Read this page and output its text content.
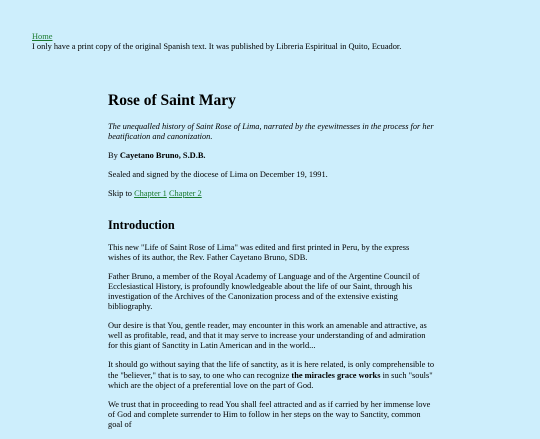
Home

I only have a print copy of the original Spanish text. It was published by Libreria Espiritual in Quito, Ecuador.

Rose of Saint Mary

The unequalled history of Saint Rose of Lima, narrated by the eyewitnesses in the process for her beatification and canonization.

By Cayetano Bruno, S.D.B.

Sealed and signed by the diocese of Lima on December 19, 1991.

Skip to Chapter 1 Chapter 2

Introduction

This new "Life of Saint Rose of Lima" was edited and first printed in Peru, by the express wishes of its author, the Rev. Father Cayetano Bruno, SDB.

Father Bruno, a member of the Royal Academy of Language and of the Argentine Council of Ecclesiastical History, is profoundly knowledgeable about the life of our Saint, through his investigation of the Archives of the Canonization process and of the extensive existing bibliography.

Our desire is that You, gentle reader, may encounter in this work an amenable and attractive, as well as profitable, read, and that it may serve to increase your understanding of and admiration for this giant of Sanctity in Latin American and in the world...

It should go without saying that the life of sanctity, as it is here related, is only comprehensible to the "believer," that is to say, to one who can recognize the miracles grace works in such "souls" which are the object of a preferential love on the part of God.

We trust that in proceeding to read You shall feel attracted and as if carried by her immense love of God and complete surrender to Him to follow in her steps on the way to Sanctity, common goal of
